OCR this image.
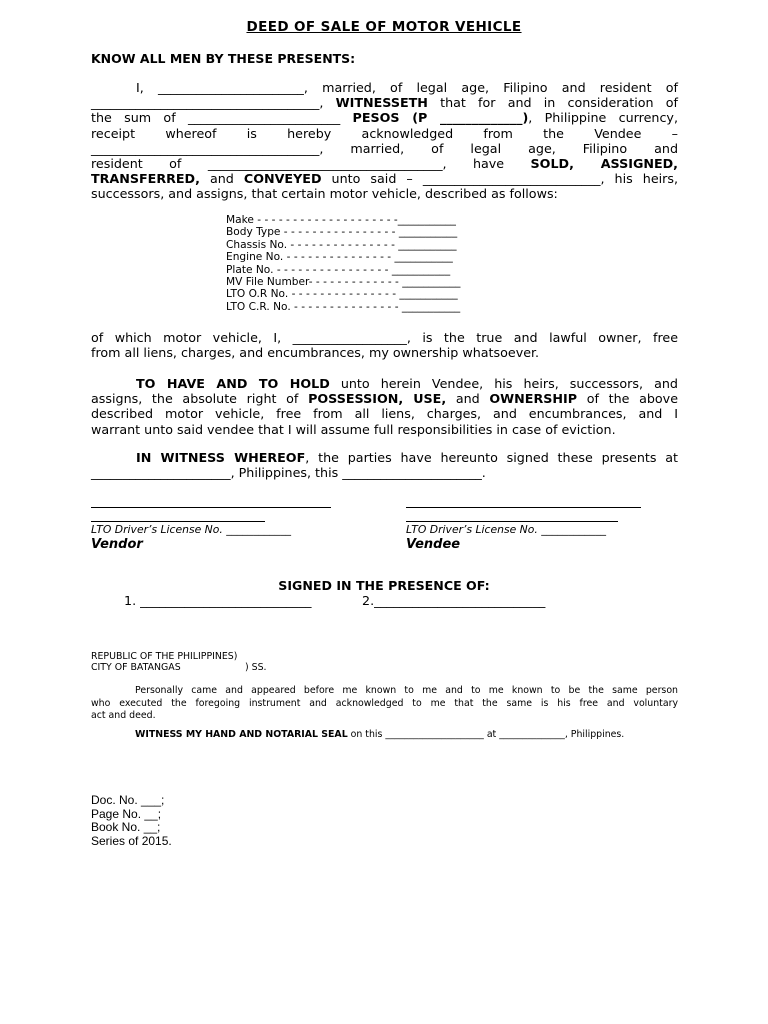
DEED OF SALE OF MOTOR VEHICLE
KNOW ALL MEN BY THESE PRESENTS:
I, _______________________, married, of legal age, Filipino and resident of
____________________________________, WITNESSETH that for and in consideration of
the sum of ________________________ PESOS (P _____________), Philippine currency,
receipt whereof is hereby acknowledged from the Vendee –
____________________________________, married, of legal age, Filipino and
resident of _____________________________________, have SOLD, ASSIGNED,
TRANSFERRED, and CONVEYED unto said – ____________________________, his heirs,
successors, and assigns, that certain motor vehicle, described as follows:
Make - - - - - - - - - - - - - - - - - - - -___________
Body Type - - - - - - - - - - - - - - - - ___________
Chassis No. - - - - - - - - - - - - - - - ___________
Engine No. - - - - - - - - - - - - - - - ___________
Plate No. - - - - - - - - - - - - - - - - ___________
MV File Number- - - - - - - - - - - - - ___________
LTO O.R No. - - - - - - - - - - - - - - - ___________
LTO C.R. No. - - - - - - - - - - - - - - - ___________
of which motor vehicle, I, __________________, is the true and lawful owner, free
from all liens, charges, and encumbrances, my ownership whatsoever.
TO HAVE AND TO HOLD unto herein Vendee, his heirs, successors, and
assigns, the absolute right of POSSESSION, USE, and OWNERSHIP of the above
described motor vehicle, free from all liens, charges, and encumbrances, and I
warrant unto said vendee that I will assume full responsibilities in case of eviction.
IN WITNESS WHEREOF, the parties have hereunto signed these presents at
______________________, Philippines, this ______________________.
LTO Driver’s License No. ____________
Vendor
LTO Driver’s License No. ____________
Vendee
SIGNED IN THE PRESENCE OF:
1. ___________________________	2.___________________________
REPUBLIC OF THE PHILIPPINES)
CITY OF BATANGAS	) SS.
Personally came and appeared before me known to me and to me known to be the same person
who executed the foregoing instrument and acknowledged to me that the same is his free and voluntary
act and deed.
WITNESS MY HAND AND NOTARIAL SEAL on this _____________________ at ______________, Philippines.
Doc. No. ___;
Page No. __;
Book No. __;
Series of 2015.
